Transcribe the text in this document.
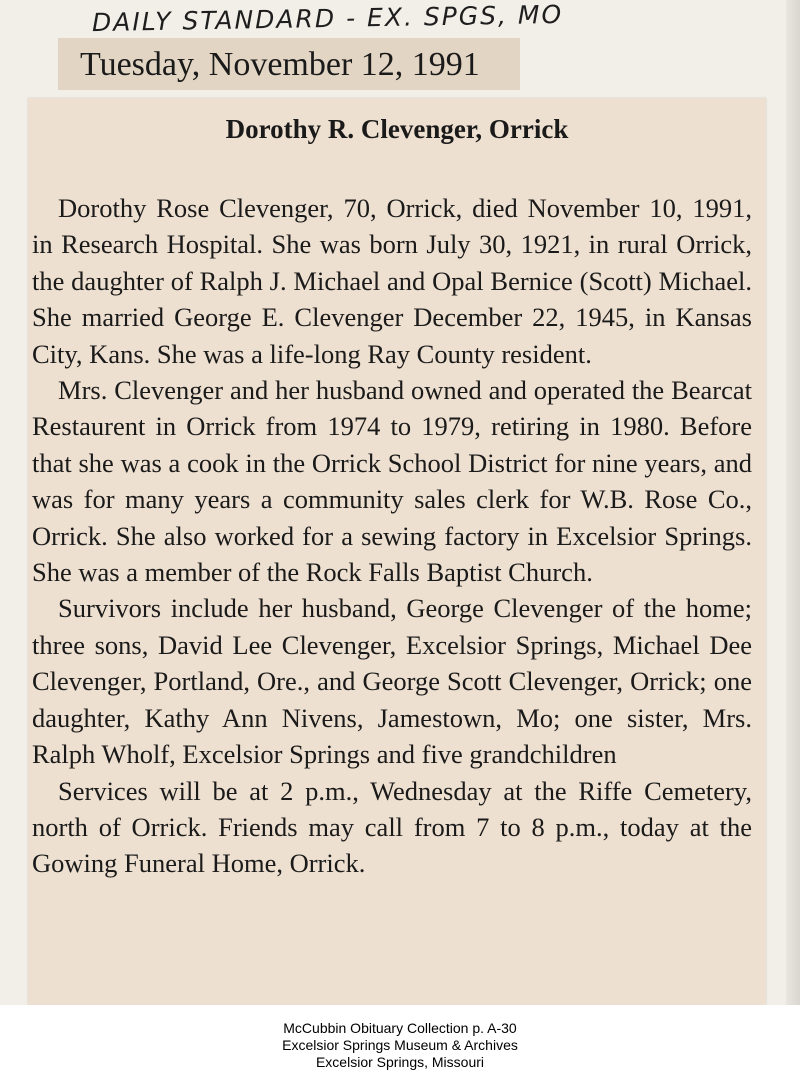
DAILY STANDARD - EX. SPGS, MO
Tuesday, November 12, 1991
Dorothy R. Clevenger, Orrick

Dorothy Rose Clevenger, 70, Orrick, died November 10, 1991, in Research Hospital. She was born July 30, 1921, in rural Orrick, the daughter of Ralph J. Michael and Opal Bernice (Scott) Michael. She married George E. Clevenger December 22, 1945, in Kansas City, Kans. She was a life-long Ray County resident.

Mrs. Clevenger and her husband owned and operated the Bearcat Restaurent in Orrick from 1974 to 1979, retiring in 1980. Before that she was a cook in the Orrick School District for nine years, and was for many years a community sales clerk for W.B. Rose Co., Orrick. She also worked for a sewing factory in Excelsior Springs. She was a member of the Rock Falls Baptist Church.

Survivors include her husband, George Clevenger of the home; three sons, David Lee Clevenger, Excelsior Springs, Michael Dee Clevenger, Portland, Ore., and George Scott Clevenger, Orrick; one daughter, Kathy Ann Nivens, Jamestown, Mo; one sister, Mrs. Ralph Wholf, Excelsior Springs and five grandchildren

Services will be at 2 p.m., Wednesday at the Riffe Cemetery, north of Orrick. Friends may call from 7 to 8 p.m., today at the Gowing Funeral Home, Orrick.

McCubbin Obituary Collection p. A-30
Excelsior Springs Museum & Archives
Excelsior Springs, Missouri
